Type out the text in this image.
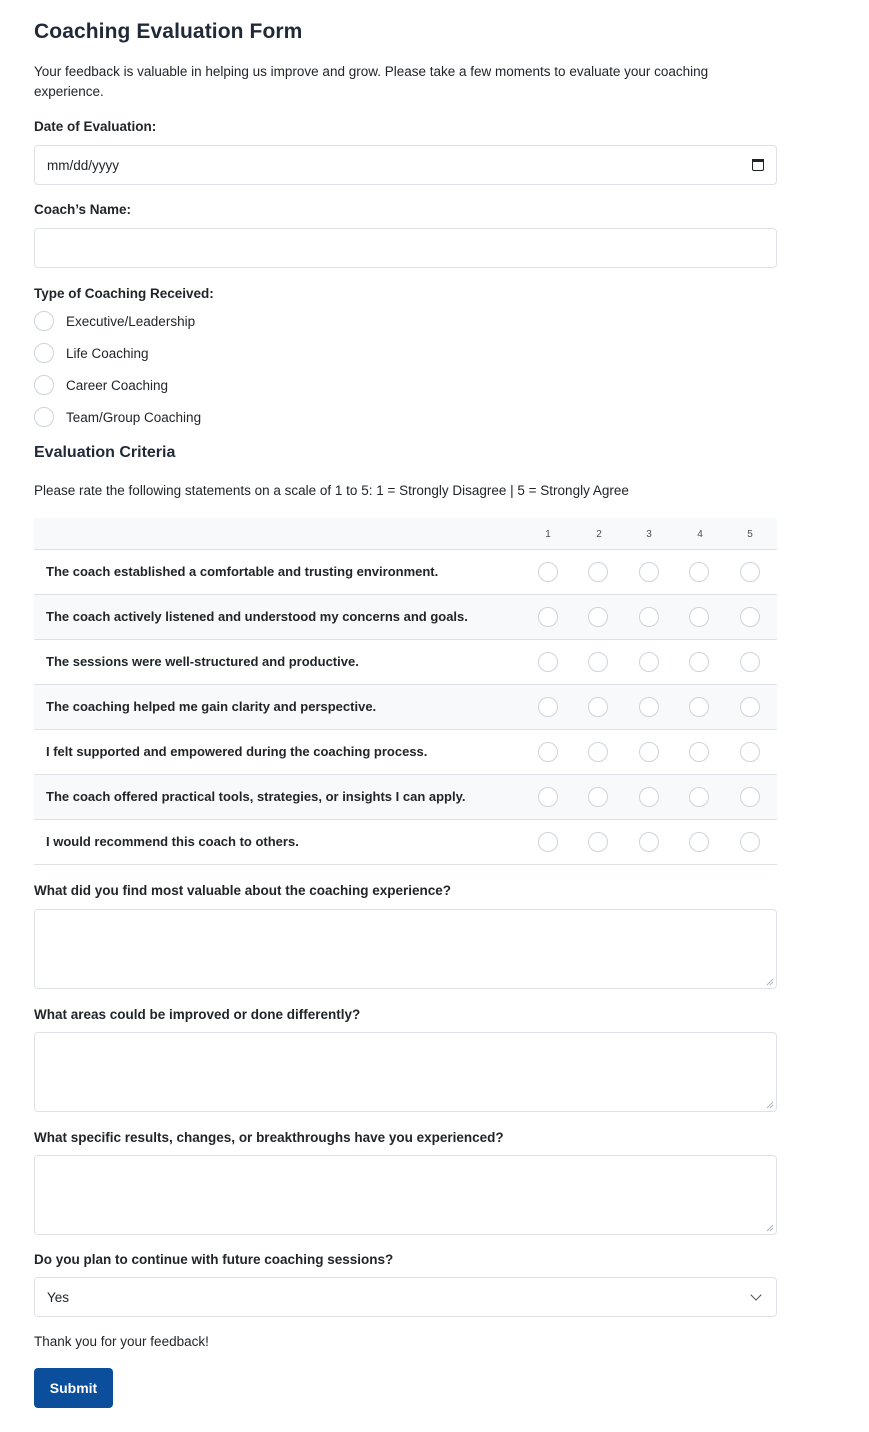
Coaching Evaluation Form

Your feedback is valuable in helping us improve and grow. Please take a few moments to evaluate your coaching experience.

Date of Evaluation:
mm/dd/yyyy
Coach’s Name:
Type of Coaching Received:
Executive/Leadership
Life Coaching
Career Coaching
Team/Group Coaching
Evaluation Criteria

Please rate the following statements on a scale of 1 to 5: 1 = Strongly Disagree | 5 = Strongly Agree

1	2	3	4	5
The coach established a comfortable and trusting environment.
The coach actively listened and understood my concerns and goals.
The sessions were well-structured and productive.
The coaching helped me gain clarity and perspective.
I felt supported and empowered during the coaching process.
The coach offered practical tools, strategies, or insights I can apply.
I would recommend this coach to others.
What did you find most valuable about the coaching experience?
What areas could be improved or done differently?
What specific results, changes, or breakthroughs have you experienced?
Do you plan to continue with future coaching sessions?
Yes

Thank you for your feedback!

Submit
